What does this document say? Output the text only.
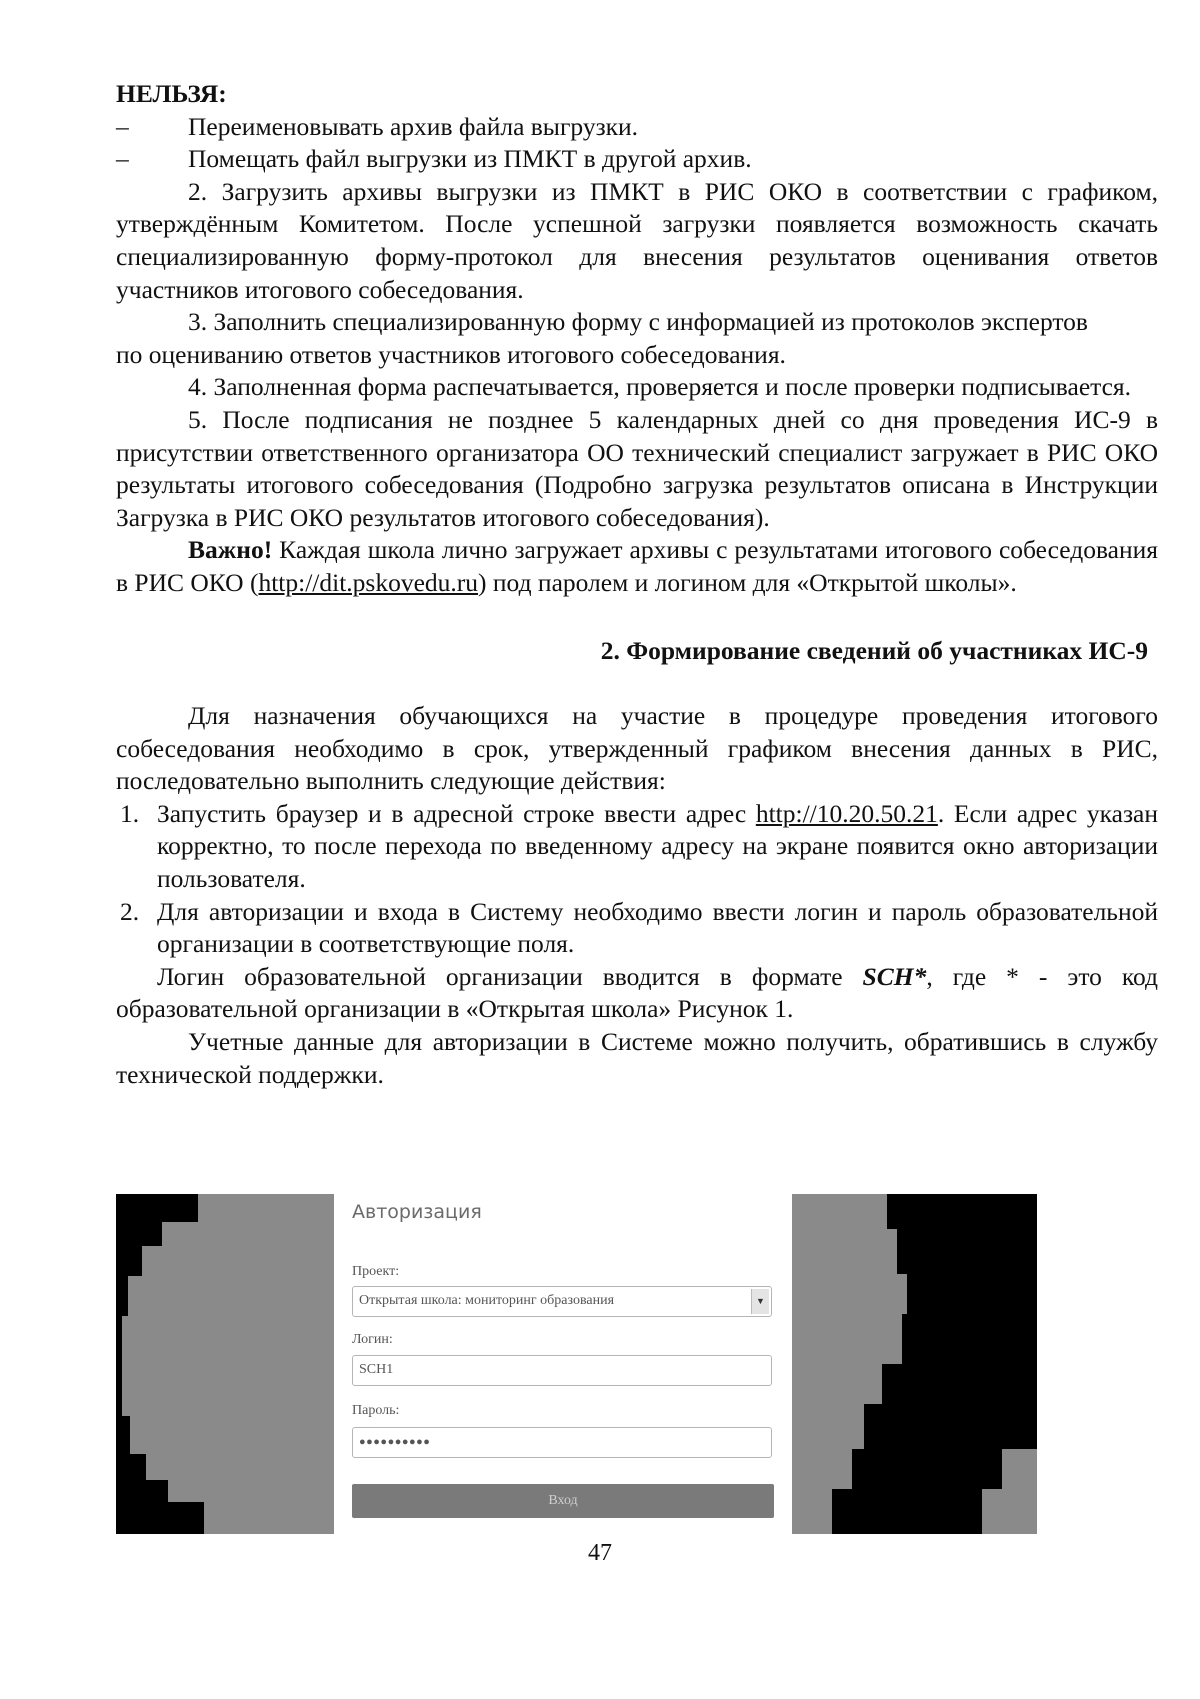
НЕЛЬЗЯ:

– Переименовывать архив файла выгрузки.

– Помещать файл выгрузки из ПМКТ в другой архив.

2. Загрузить архивы выгрузки из ПМКТ в РИС ОКО в соответствии с графиком, утверждённым Комитетом. После успешной загрузки появляется возможность скачать специализированную форму-протокол для внесения результатов оценивания ответов участников итогового собеседования.

3. Заполнить специализированную форму с информацией из протоколов экспертов

по оцениванию ответов участников итогового собеседования.

4. Заполненная форма распечатывается, проверяется и после проверки подписывается.

5. После подписания не позднее 5 календарных дней со дня проведения ИС-9 в присутствии ответственного организатора ОО технический специалист загружает в РИС ОКО результаты итогового собеседования (Подробно загрузка результатов описана в Инструкции Загрузка в РИС ОКО результатов итогового собеседования).

Важно! Каждая школа лично загружает архивы с результатами итогового собеседования в РИС ОКО (http://dit.pskovedu.ru) под паролем и логином для «Открытой школы».

2. Формирование сведений об участниках ИС-9

Для назначения обучающихся на участие в процедуре проведения итогового собеседования необходимо в срок, утвержденный графиком внесения данных в РИС, последовательно выполнить следующие действия:

1. Запустить браузер и в адресной строке ввести адрес http://10.20.50.21. Если адрес указан корректно, то после перехода по введенному адресу на экране появится окно авторизации пользователя.

2. Для авторизации и входа в Систему необходимо ввести логин и пароль образовательной организации в соответствующие поля.

Логин образовательной организации вводится в формате SCH*, где * - это код образовательной организации в «Открытая школа» Рисунок 1.

Учетные данные для авторизации в Системе можно получить, обратившись в службу технической поддержки.

Авторизация
Проект:
Открытая школа: мониторинг образования	▼
Логин:
SCH1
Пароль:
●●●●●●●●●●
Вход
47
